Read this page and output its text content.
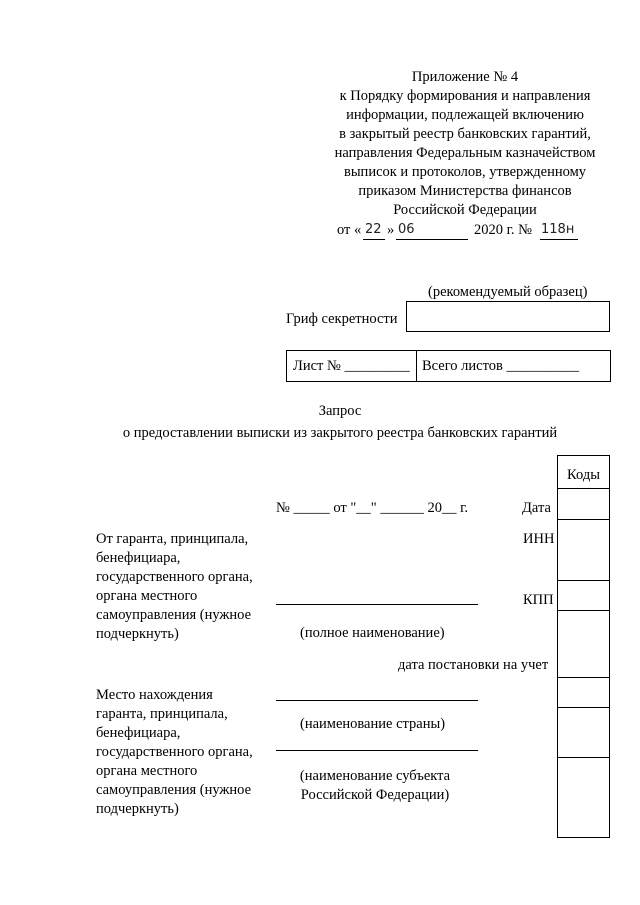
Приложение № 4
к Порядку формирования и направления
информации, подлежащей включению
в закрытый реестр банковских гарантий,
направления Федеральным казначейством
выписок и протоколов, утвержденному
приказом Министерства финансов
Российской Федерации
от « 22 » 06	2020 г. № 118н
(рекомендуемый образец)
Гриф секретности
Лист № _________ Всего листов __________
Запрос
о предоставлении выписки из закрытого реестра банковских гарантий
Коды
№ _____ от "__" ______ 20__ г.	Дата
От гаранта, принципала,
бенефициара,
государственного органа,
органа местного
самоуправления (нужное
подчеркнуть)
ИНН
КПП
(полное наименование)
дата постановки на учет
Место нахождения
гаранта, принципала,
бенефициара,
государственного органа,
органа местного
самоуправления (нужное
подчеркнуть)
(наименование страны)
(наименование субъекта
Российской Федерации)
